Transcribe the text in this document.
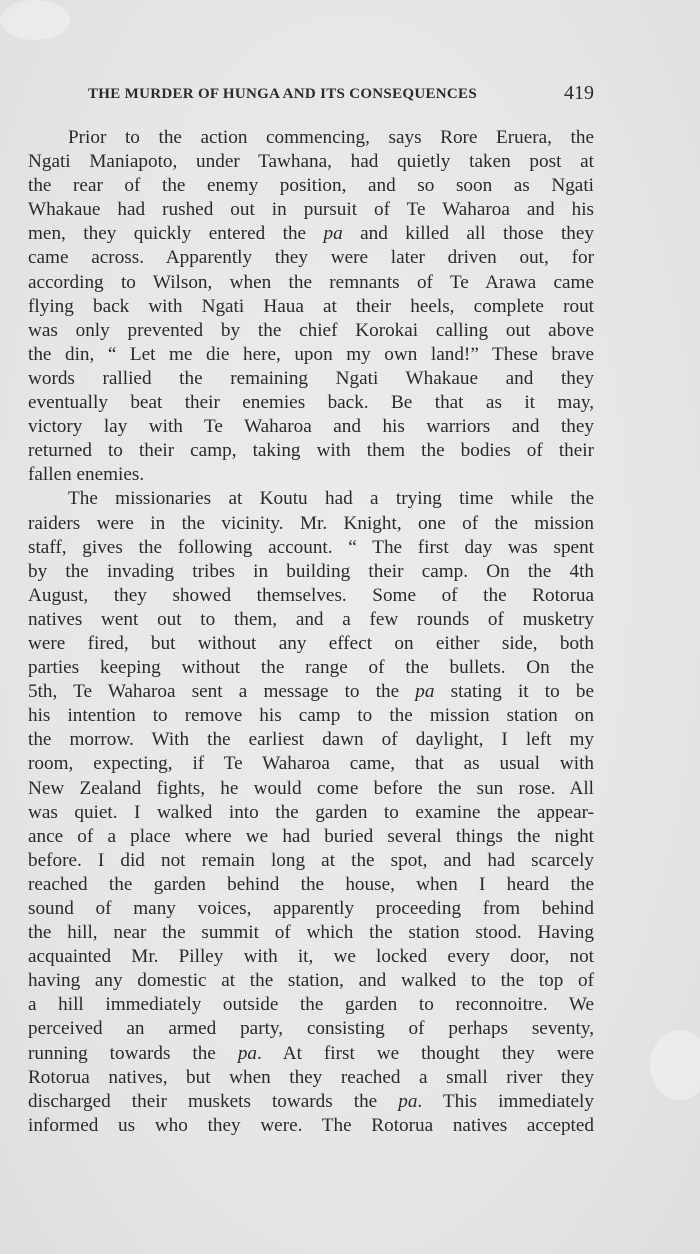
THE MURDER OF HUNGA AND ITS CONSEQUENCES	419
Prior to the action commencing, says Rore Eruera, the
Ngati Maniapoto, under Tawhana, had quietly taken post at
the rear of the enemy position, and so soon as Ngati
Whakaue had rushed out in pursuit of Te Waharoa and his
men, they quickly entered the pa and killed all those they
came across. Apparently they were later driven out, for
according to Wilson, when the remnants of Te Arawa came
flying back with Ngati Haua at their heels, complete rout
was only prevented by the chief Korokai calling out above
the din, “ Let me die here, upon my own land!” These brave
words rallied the remaining Ngati Whakaue and they
eventually beat their enemies back. Be that as it may,
victory lay with Te Waharoa and his warriors and they
returned to their camp, taking with them the bodies of their
fallen enemies.
The missionaries at Koutu had a trying time while the
raiders were in the vicinity. Mr. Knight, one of the mission
staff, gives the following account. “ The first day was spent
by the invading tribes in building their camp. On the 4th
August, they showed themselves. Some of the Rotorua
natives went out to them, and a few rounds of musketry
were fired, but without any effect on either side, both
parties keeping without the range of the bullets. On the
5th, Te Waharoa sent a message to the pa stating it to be
his intention to remove his camp to the mission station on
the morrow. With the earliest dawn of daylight, I left my
room, expecting, if Te Waharoa came, that as usual with
New Zealand fights, he would come before the sun rose. All
was quiet. I walked into the garden to examine the appear-
ance of a place where we had buried several things the night
before. I did not remain long at the spot, and had scarcely
reached the garden behind the house, when I heard the
sound of many voices, apparently proceeding from behind
the hill, near the summit of which the station stood. Having
acquainted Mr. Pilley with it, we locked every door, not
having any domestic at the station, and walked to the top of
a hill immediately outside the garden to reconnoitre. We
perceived an armed party, consisting of perhaps seventy,
running towards the pa. At first we thought they were
Rotorua natives, but when they reached a small river they
discharged their muskets towards the pa. This immediately
informed us who they were. The Rotorua natives accepted
